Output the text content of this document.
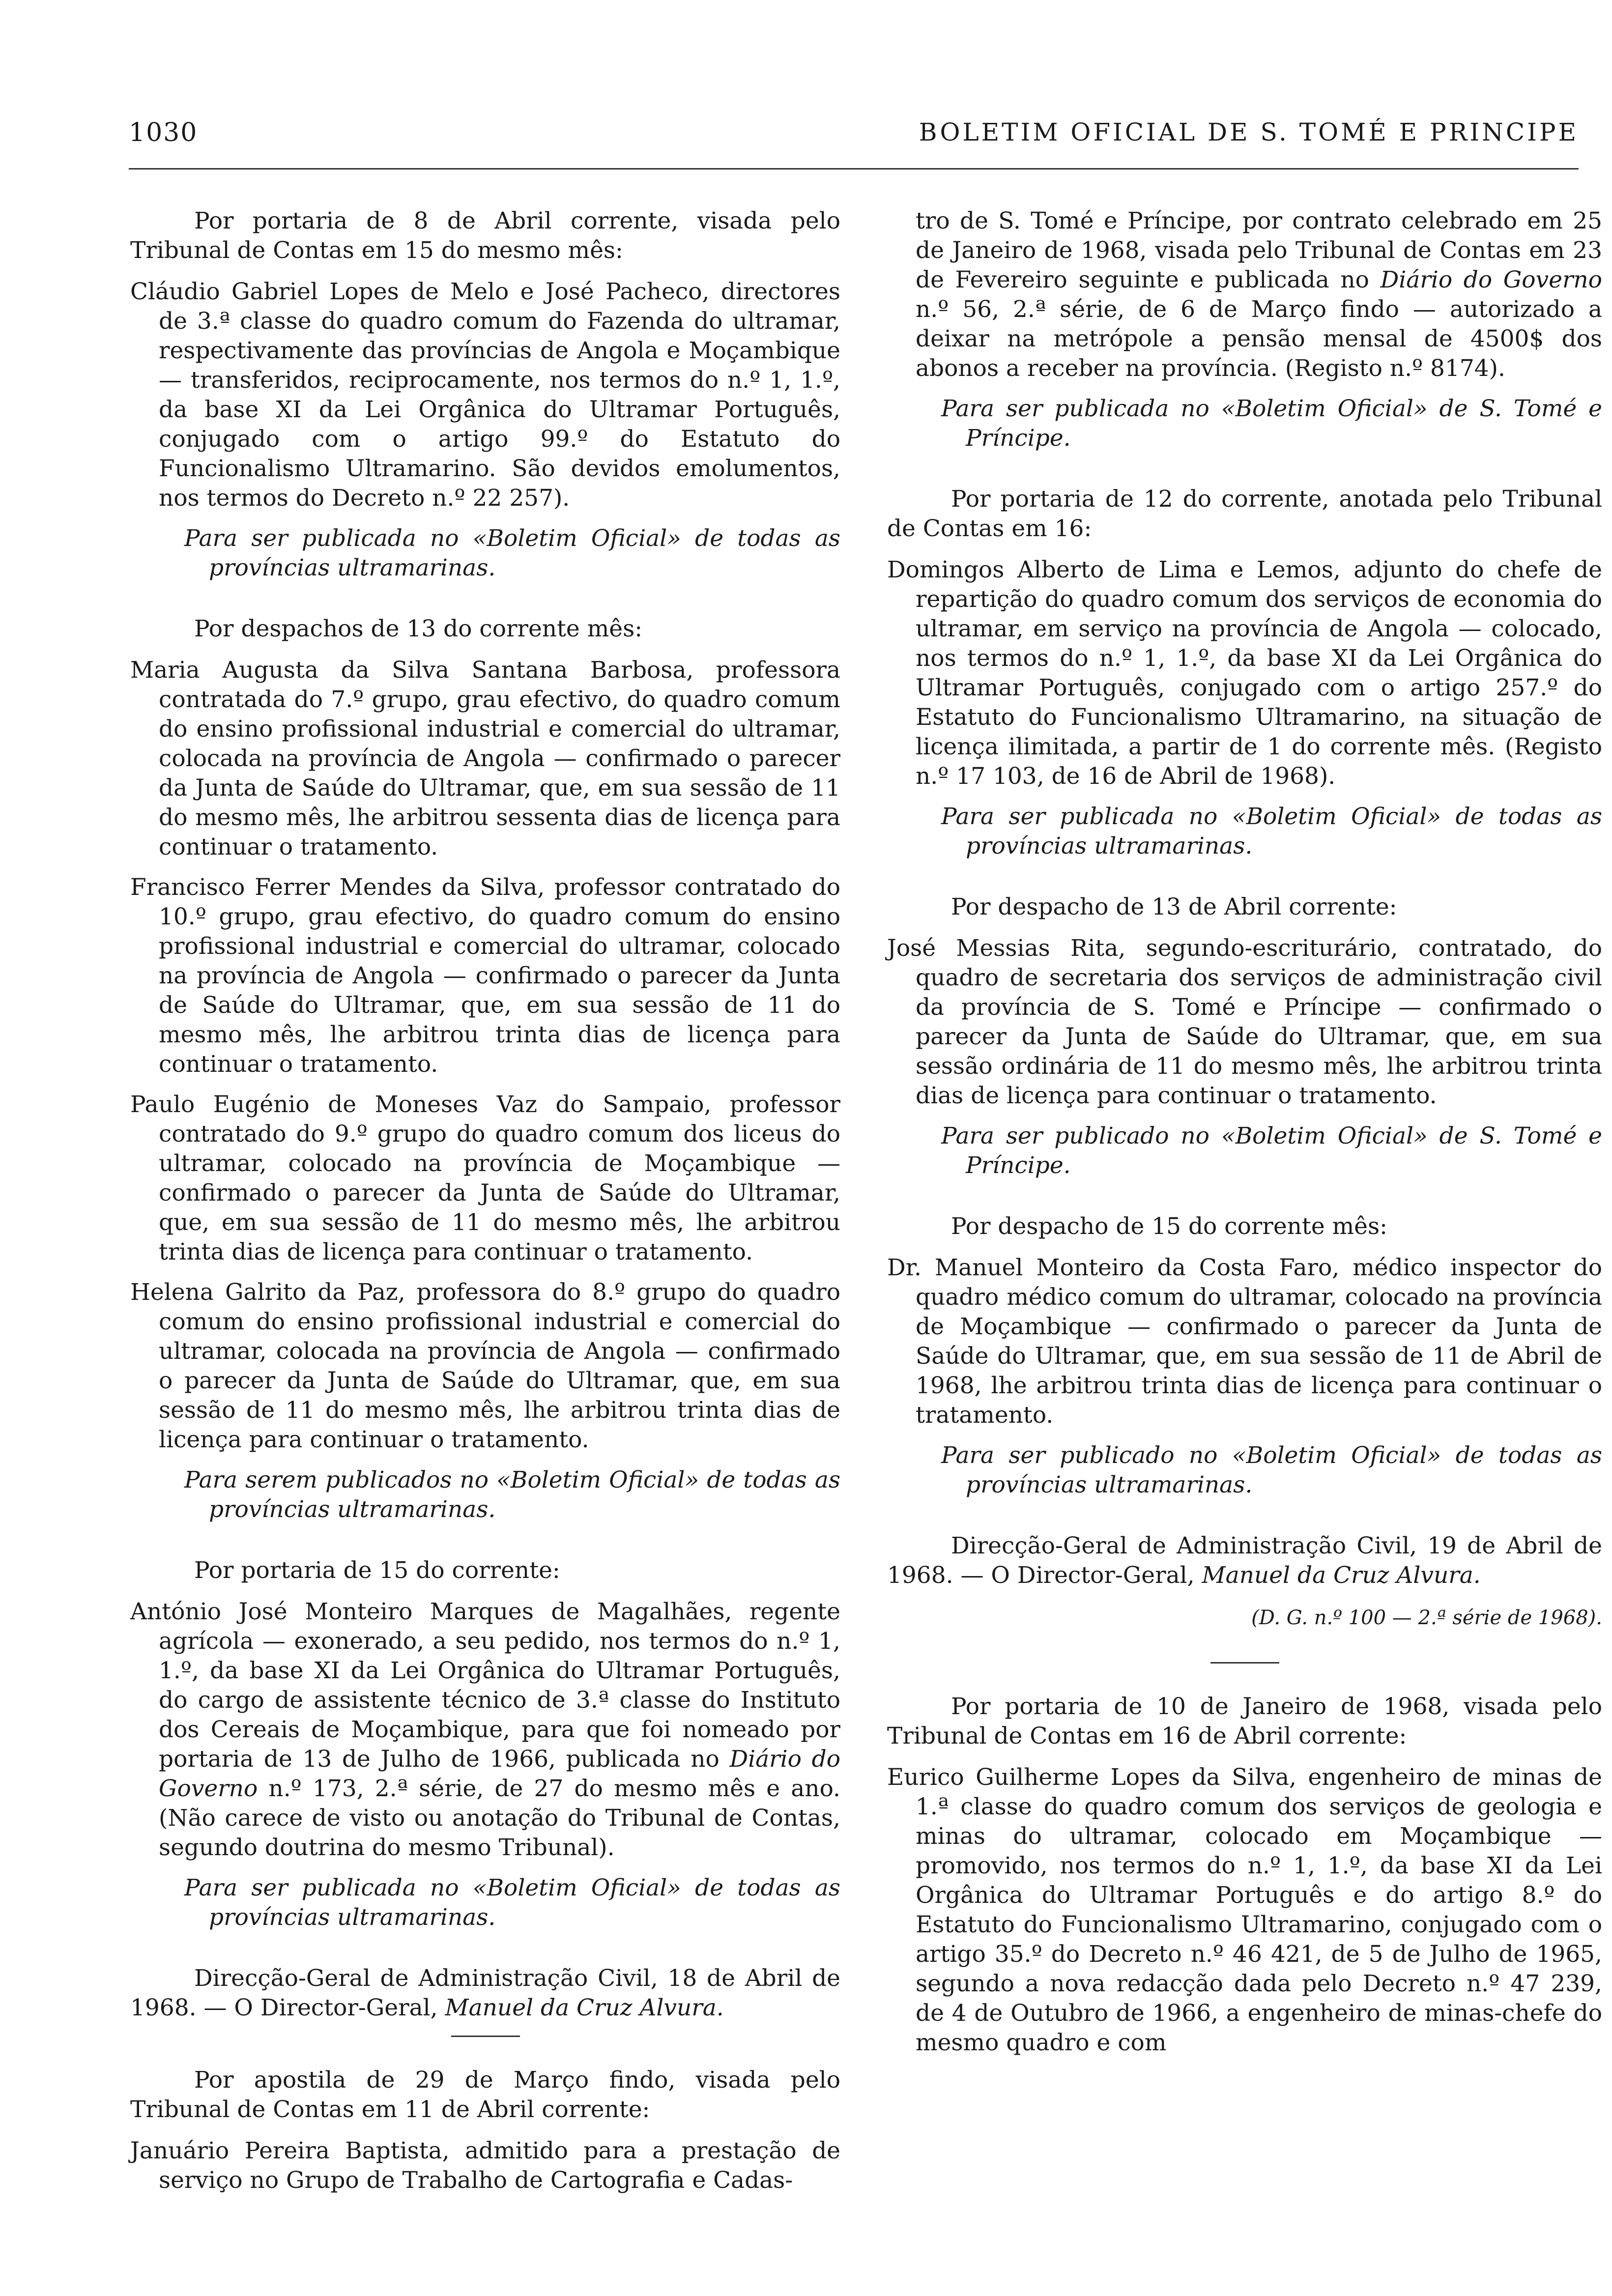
1030	BOLETIM OFICIAL DE S. TOMÉ E PRINCIPE

Por portaria de 8 de Abril corrente, visada pelo Tribunal de Contas em 15 do mesmo mês:

Cláudio Gabriel Lopes de Melo e José Pacheco, directores de 3.ª classe do quadro comum do Fazenda do ultramar, respectivamente das províncias de Angola e Moçambique — transferidos, reciprocamente, nos termos do n.º 1, 1.º, da base XI da Lei Orgânica do Ultramar Português, conjugado com o artigo 99.º do Estatuto do Funcionalismo Ultramarino. São devidos emolumentos, nos termos do Decreto n.º 22 257).

Para ser publicada no «Boletim Oficial» de todas as províncias ultramarinas.

Por despachos de 13 do corrente mês:

Maria Augusta da Silva Santana Barbosa, professora contratada do 7.º grupo, grau efectivo, do quadro comum do ensino profissional industrial e comercial do ultramar, colocada na província de Angola — confirmado o parecer da Junta de Saúde do Ultramar, que, em sua sessão de 11 do mesmo mês, lhe arbitrou sessenta dias de licença para continuar o tratamento.

Francisco Ferrer Mendes da Silva, professor contratado do 10.º grupo, grau efectivo, do quadro comum do ensino profissional industrial e comercial do ultramar, colocado na província de Angola — confirmado o parecer da Junta de Saúde do Ultramar, que, em sua sessão de 11 do mesmo mês, lhe arbitrou trinta dias de licença para continuar o tratamento.

Paulo Eugénio de Moneses Vaz do Sampaio, professor contratado do 9.º grupo do quadro comum dos liceus do ultramar, colocado na província de Moçambique — confirmado o parecer da Junta de Saúde do Ultramar, que, em sua sessão de 11 do mesmo mês, lhe arbitrou trinta dias de licença para continuar o tratamento.

Helena Galrito da Paz, professora do 8.º grupo do quadro comum do ensino profissional industrial e comercial do ultramar, colocada na província de Angola — confirmado o parecer da Junta de Saúde do Ultramar, que, em sua sessão de 11 do mesmo mês, lhe arbitrou trinta dias de licença para continuar o tratamento.

Para serem publicados no «Boletim Oficial» de todas as províncias ultramarinas.

Por portaria de 15 do corrente:

António José Monteiro Marques de Magalhães, regente agrícola — exonerado, a seu pedido, nos termos do n.º 1, 1.º, da base XI da Lei Orgânica do Ultramar Português, do cargo de assistente técnico de 3.ª classe do Instituto dos Cereais de Moçambique, para que foi nomeado por portaria de 13 de Julho de 1966, publicada no Diário do Governo n.º 173, 2.ª série, de 27 do mesmo mês e ano. (Não carece de visto ou anotação do Tribunal de Contas, segundo doutrina do mesmo Tribunal).

Para ser publicada no «Boletim Oficial» de todas as províncias ultramarinas.

Direcção-Geral de Administração Civil, 18 de Abril de 1968. — O Director-Geral, Manuel da Cruz Alvura.

Por apostila de 29 de Março findo, visada pelo Tribunal de Contas em 11 de Abril corrente:

Januário Pereira Baptista, admitido para a prestação de serviço no Grupo de Trabalho de Cartografia e Cadas-

tro de S. Tomé e Príncipe, por contrato celebrado em 25 de Janeiro de 1968, visada pelo Tribunal de Contas em 23 de Fevereiro seguinte e publicada no Diário do Governo n.º 56, 2.ª série, de 6 de Março findo — autorizado a deixar na metrópole a pensão mensal de 4500$ dos abonos a receber na província. (Registo n.º 8174).

Para ser publicada no «Boletim Oficial» de S. Tomé e Príncipe.

Por portaria de 12 do corrente, anotada pelo Tribunal de Contas em 16:

Domingos Alberto de Lima e Lemos, adjunto do chefe de repartição do quadro comum dos serviços de economia do ultramar, em serviço na província de Angola — colocado, nos termos do n.º 1, 1.º, da base XI da Lei Orgânica do Ultramar Português, conjugado com o artigo 257.º do Estatuto do Funcionalismo Ultramarino, na situação de licença ilimitada, a partir de 1 do corrente mês. (Registo n.º 17 103, de 16 de Abril de 1968).

Para ser publicada no «Boletim Oficial» de todas as províncias ultramarinas.

Por despacho de 13 de Abril corrente:

José Messias Rita, segundo-escriturário, contratado, do quadro de secretaria dos serviços de administração civil da província de S. Tomé e Príncipe — confirmado o parecer da Junta de Saúde do Ultramar, que, em sua sessão ordinária de 11 do mesmo mês, lhe arbitrou trinta dias de licença para continuar o tratamento.

Para ser publicado no «Boletim Oficial» de S. Tomé e Príncipe.

Por despacho de 15 do corrente mês:

Dr. Manuel Monteiro da Costa Faro, médico inspector do quadro médico comum do ultramar, colocado na província de Moçambique — confirmado o parecer da Junta de Saúde do Ultramar, que, em sua sessão de 11 de Abril de 1968, lhe arbitrou trinta dias de licença para continuar o tratamento.

Para ser publicado no «Boletim Oficial» de todas as províncias ultramarinas.

Direcção-Geral de Administração Civil, 19 de Abril de 1968. — O Director-Geral, Manuel da Cruz Alvura.

(D. G. n.º 100 — 2.ª série de 1968).

Por portaria de 10 de Janeiro de 1968, visada pelo Tribunal de Contas em 16 de Abril corrente:

Eurico Guilherme Lopes da Silva, engenheiro de minas de 1.ª classe do quadro comum dos serviços de geologia e minas do ultramar, colocado em Moçambique — promovido, nos termos do n.º 1, 1.º, da base XI da Lei Orgânica do Ultramar Português e do artigo 8.º do Estatuto do Funcionalismo Ultramarino, conjugado com o artigo 35.º do Decreto n.º 46 421, de 5 de Julho de 1965, segundo a nova redacção dada pelo Decreto n.º 47 239, de 4 de Outubro de 1966, a engenheiro de minas-chefe do mesmo quadro e com
